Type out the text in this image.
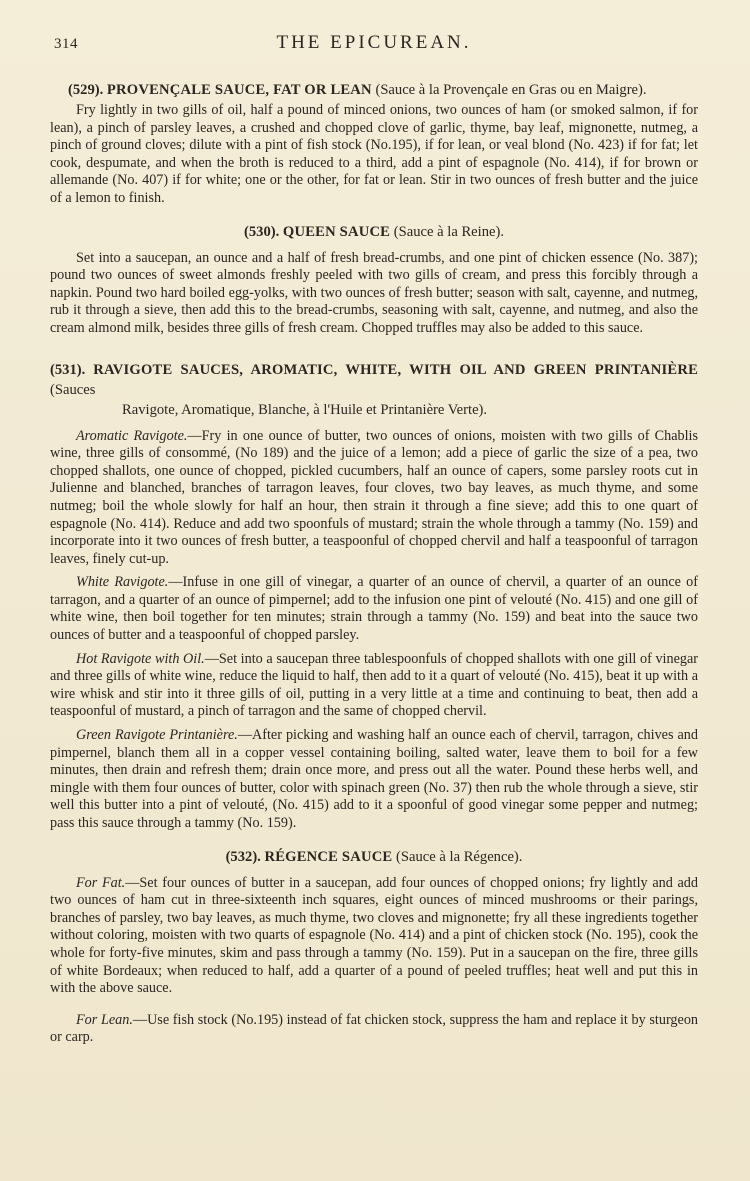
314	THE EPICUREAN.
(529). PROVENÇALE SAUCE, FAT OR LEAN (Sauce à la Provençale en Gras ou en Maigre).

Fry lightly in two gills of oil, half a pound of minced onions, two ounces of ham (or smoked salmon, if for lean), a pinch of parsley leaves, a crushed and chopped clove of garlic, thyme, bay leaf, mignonette, nutmeg, a pinch of ground cloves; dilute with a pint of fish stock (No.195), if for lean, or veal blond (No. 423) if for fat; let cook, despumate, and when the broth is reduced to a third, add a pint of espagnole (No. 414), if for brown or allemande (No. 407) if for white; one or the other, for fat or lean. Stir in two ounces of fresh butter and the juice of a lemon to finish.

(530). QUEEN SAUCE (Sauce à la Reine).

Set into a saucepan, an ounce and a half of fresh bread-crumbs, and one pint of chicken essence (No. 387); pound two ounces of sweet almonds freshly peeled with two gills of cream, and press this forcibly through a napkin. Pound two hard boiled egg-yolks, with two ounces of fresh butter; season with salt, cayenne, and nutmeg, rub it through a sieve, then add this to the bread-crumbs, seasoning with salt, cayenne, and nutmeg, and also the cream almond milk, besides three gills of fresh cream. Chopped truffles may also be added to this sauce.

(531). RAVIGOTE SAUCES, AROMATIC, WHITE, WITH OIL AND GREEN PRINTANIÈRE (Sauces
Ravigote, Aromatique, Blanche, à l'Huile et Printanière Verte).

Aromatic Ravigote.—Fry in one ounce of butter, two ounces of onions, moisten with two gills of Chablis wine, three gills of consommé, (No 189) and the juice of a lemon; add a piece of garlic the size of a pea, two chopped shallots, one ounce of chopped, pickled cucumbers, half an ounce of capers, some parsley roots cut in Julienne and blanched, branches of tarragon leaves, four cloves, two bay leaves, as much thyme, and some nutmeg; boil the whole slowly for half an hour, then strain it through a fine sieve; add this to one quart of espagnole (No. 414). Reduce and add two spoonfuls of mustard; strain the whole through a tammy (No. 159) and incorporate into it two ounces of fresh butter, a teaspoonful of chopped chervil and half a teaspoonful of tarragon leaves, finely cut-up.

White Ravigote.—Infuse in one gill of vinegar, a quarter of an ounce of chervil, a quarter of an ounce of tarragon, and a quarter of an ounce of pimpernel; add to the infusion one pint of velouté (No. 415) and one gill of white wine, then boil together for ten minutes; strain through a tammy (No. 159) and beat into the sauce two ounces of butter and a teaspoonful of chopped parsley.

Hot Ravigote with Oil.—Set into a saucepan three tablespoonfuls of chopped shallots with one gill of vinegar and three gills of white wine, reduce the liquid to half, then add to it a quart of velouté (No. 415), beat it up with a wire whisk and stir into it three gills of oil, putting in a very little at a time and continuing to beat, then add a teaspoonful of mustard, a pinch of tarragon and the same of chopped chervil.

Green Ravigote Printanière.—After picking and washing half an ounce each of chervil, tarragon, chives and pimpernel, blanch them all in a copper vessel containing boiling, salted water, leave them to boil for a few minutes, then drain and refresh them; drain once more, and press out all the water. Pound these herbs well, and mingle with them four ounces of butter, color with spinach green (No. 37) then rub the whole through a sieve, stir well this butter into a pint of velouté, (No. 415) add to it a spoonful of good vinegar some pepper and nutmeg; pass this sauce through a tammy (No. 159).

(532). RÉGENCE SAUCE (Sauce à la Régence).

For Fat.—Set four ounces of butter in a saucepan, add four ounces of chopped onions; fry lightly and add two ounces of ham cut in three-sixteenth inch squares, eight ounces of minced mushrooms or their parings, branches of parsley, two bay leaves, as much thyme, two cloves and mignonette; fry all these ingredients together without coloring, moisten with two quarts of espagnole (No. 414) and a pint of chicken stock (No. 195), cook the whole for forty-five minutes, skim and pass through a tammy (No. 159). Put in a saucepan on the fire, three gills of white Bordeaux; when reduced to half, add a quarter of a pound of peeled truffles; heat well and put this in with the above sauce.

For Lean.—Use fish stock (No.195) instead of fat chicken stock, suppress the ham and replace it by sturgeon or carp.
